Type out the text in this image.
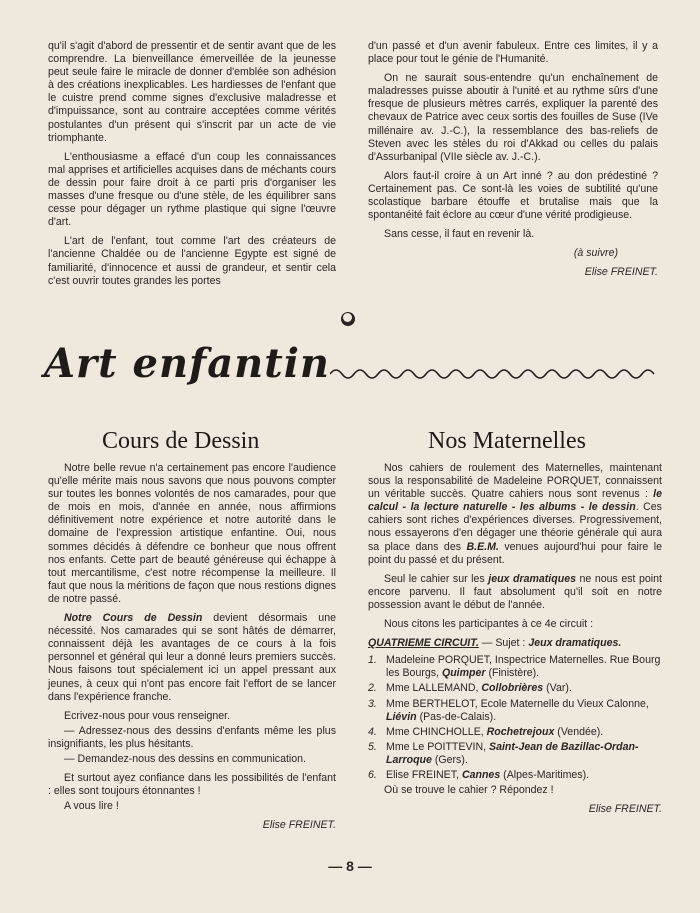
qu'il s'agit d'abord de pressentir et de sentir avant que de les comprendre. La bienveillance émerveillée de la jeunesse peut seule faire le miracle de donner d'emblée son adhésion à des créations inexplicables. Les hardiesses de l'enfant que le cuistre prend comme signes d'exclusive maladresse et d'impuissance, sont au contraire acceptées comme vérités postulantes d'un présent qui s'inscrit par un acte de vie triomphante.

L'enthousiasme a effacé d'un coup les connaissances mal apprises et artificielles acquises dans de méchants cours de dessin pour faire droit à ce parti pris d'organiser les masses d'une fresque ou d'une stèle, de les équilibrer sans cesse pour dégager un rythme plastique qui signe l'œuvre d'art.

L'art de l'enfant, tout comme l'art des créateurs de l'ancienne Chaldée ou de l'ancienne Egypte est signé de familiarité, d'innocence et aussi de grandeur, et sentir cela c'est ouvrir toutes grandes les portes

d'un passé et d'un avenir fabuleux. Entre ces limites, il y a place pour tout le génie de l'Humanité.

On ne saurait sous-entendre qu'un enchaînement de maladresses puisse aboutir à l'unité et au rythme sûrs d'une fresque de plusieurs mètres carrés, expliquer la parenté des chevaux de Patrice avec ceux sortis des fouilles de Suse (IVe millénaire av. J.-C.), la ressemblance des bas-reliefs de Steven avec les stèles du roi d'Akkad ou celles du palais d'Assurbanipal (VIIe siècle av. J.-C.).

Alors faut-il croire à un Art inné ? au don prédestiné ? Certainement pas. Ce sont-là les voies de subtilité qu'une scolastique barbare étouffe et brutalise mais que la spontanéité fait éclore au cœur d'une vérité prodigieuse.

Sans cesse, il faut en revenir là.

(à suivre)

Elise FREINET.

Art enfantin
Cours de Dessin	Nos Maternelles

Notre belle revue n'a certainement pas encore l'audience qu'elle mérite mais nous savons que nous pouvons compter sur toutes les bonnes volontés de nos camarades, pour que de mois en mois, d'année en année, nous affirmions définitivement notre expérience et notre autorité dans le domaine de l'expression artistique enfantine. Oui, nous sommes décidés à défendre ce bonheur que nous offrent nos enfants. Cette part de beauté généreuse qui échappe à tout mercantilisme, c'est notre récompense la meilleure. Il faut que nous la méritions de façon que nous restions dignes de notre passé.

Notre Cours de Dessin devient désormais une nécessité. Nos camarades qui se sont hâtés de démarrer, connaissent déjà les avantages de ce cours à la fois personnel et général qui leur a donné leurs premiers succès. Nous faisons tout spécialement ici un appel pressant aux jeunes, à ceux qui n'ont pas encore fait l'effort de se lancer dans l'expérience franche.

Ecrivez-nous pour vous renseigner.

— Adressez-nous des dessins d'enfants même les plus insignifiants, les plus hésitants.

— Demandez-nous des dessins en communication.

Et surtout ayez confiance dans les possibilités de l'enfant : elles sont toujours étonnantes !

A vous lire !

Elise FREINET.

Nos cahiers de roulement des Maternelles, maintenant sous la responsabilité de Madeleine PORQUET, connaissent un véritable succès. Quatre cahiers nous sont revenus : le calcul - la lecture naturelle - les albums - le dessin. Ces cahiers sont riches d'expériences diverses. Progressivement, nous essayerons d'en dégager une théorie générale qui aura sa place dans des B.E.M. venues aujourd'hui pour faire le point du passé et du présent.

Seul le cahier sur les jeux dramatiques ne nous est point encore parvenu. Il faut absolument qu'il soit en notre possession avant le début de l'année.

Nous citons les participantes à ce 4e circuit :

QUATRIEME CIRCUIT. — Sujet : Jeux dramatiques.
1. Madeleine PORQUET, Inspectrice Maternelles. Rue Bourg les Bourgs, Quimper (Finistère).
2. Mme LALLEMAND, Collobrières (Var).
3. Mme BERTHELOT, Ecole Maternelle du Vieux Calonne, Liévin (Pas-de-Calais).
4. Mme CHINCHOLLE, Rochetrejoux (Vendée).
5. Mme Le POITTEVIN, Saint-Jean de Bazillac-Ordan-Larroque (Gers).
6. Elise FREINET, Cannes (Alpes-Maritimes).

Où se trouve le cahier ? Répondez !

Elise FREINET.

— 8 —
